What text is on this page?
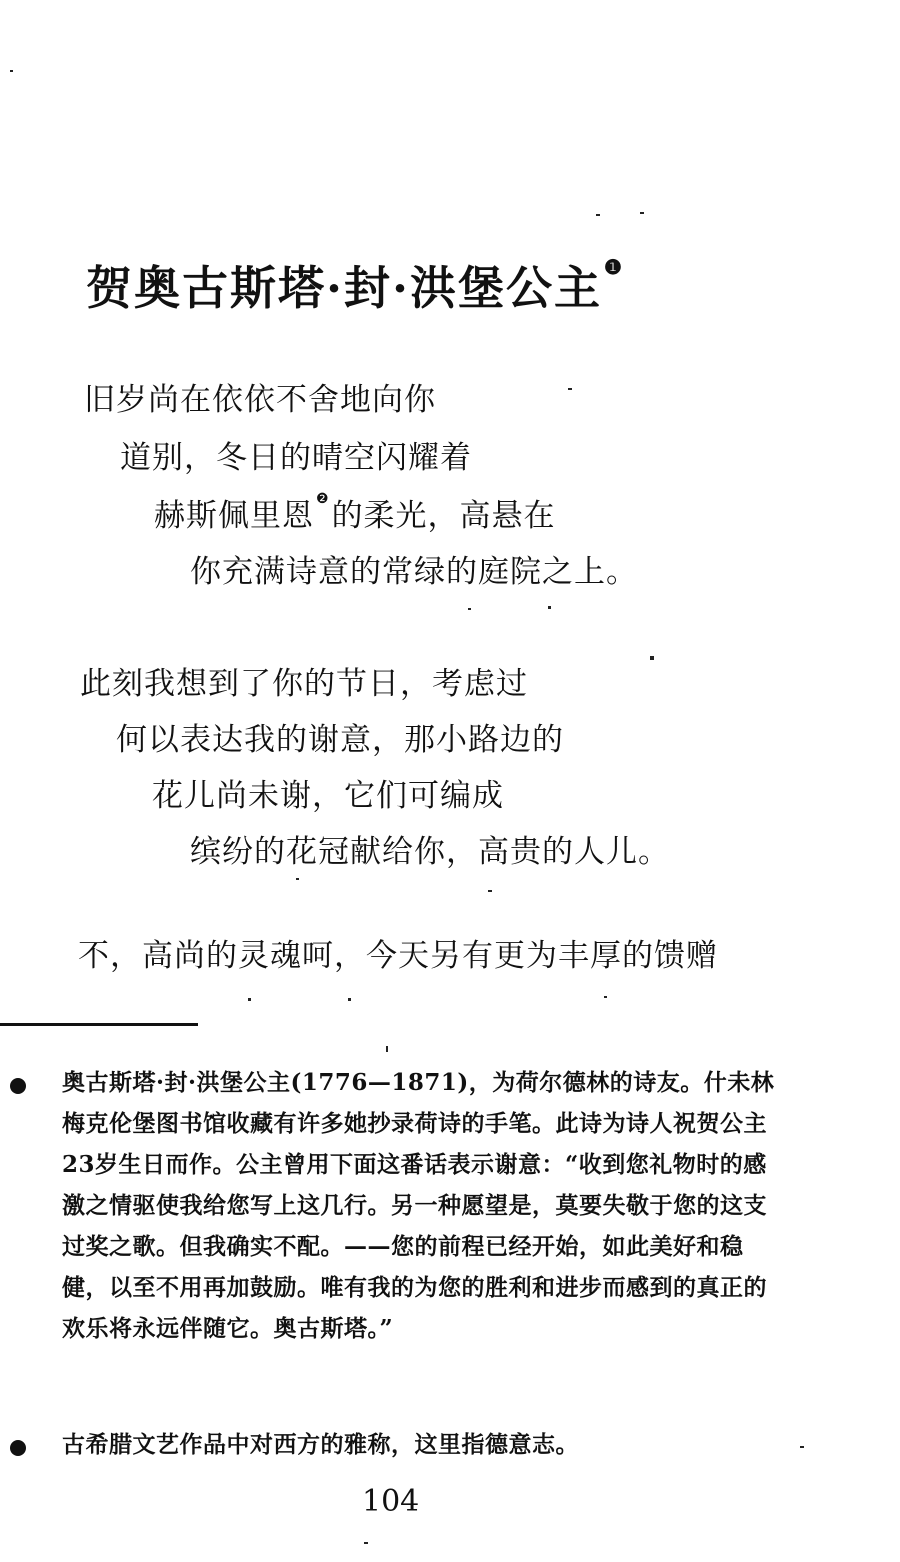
贺奥古斯塔·封·洪堡公主 $^❶$
旧岁尚在依依不舍地向你
道别，冬日的晴空闪耀着
赫斯佩里恩 $^❷$的柔光，高悬在
你充满诗意的常绿的庭院之上。
此刻我想到了你的节日，考虑过
何以表达我的谢意，那小路边的
花儿尚未谢，它们可编成
缤纷的花冠献给你，高贵的人儿。
不，高尚的灵魂呵，今天另有更为丰厚的馈赠
奥古斯塔·封·洪堡公主(1776—1871)，为荷尔德林的诗友。什未林梅克伦堡图书馆收藏有许多她抄录荷诗的手笔。此诗为诗人祝贺公主23岁生日而作。公主曾用下面这番话表示谢意：“收到您礼物时的感激之情驱使我给您写上这几行。另一种愿望是，莫要失敬于您的这支过奖之歌。但我确实不配。——您的前程已经开始，如此美好和稳健，以至不用再加鼓励。唯有我的为您的胜利和进步而感到的真正的欢乐将永远伴随它。奥古斯塔。”
古希腊文艺作品中对西方的雅称，这里指德意志。
104
